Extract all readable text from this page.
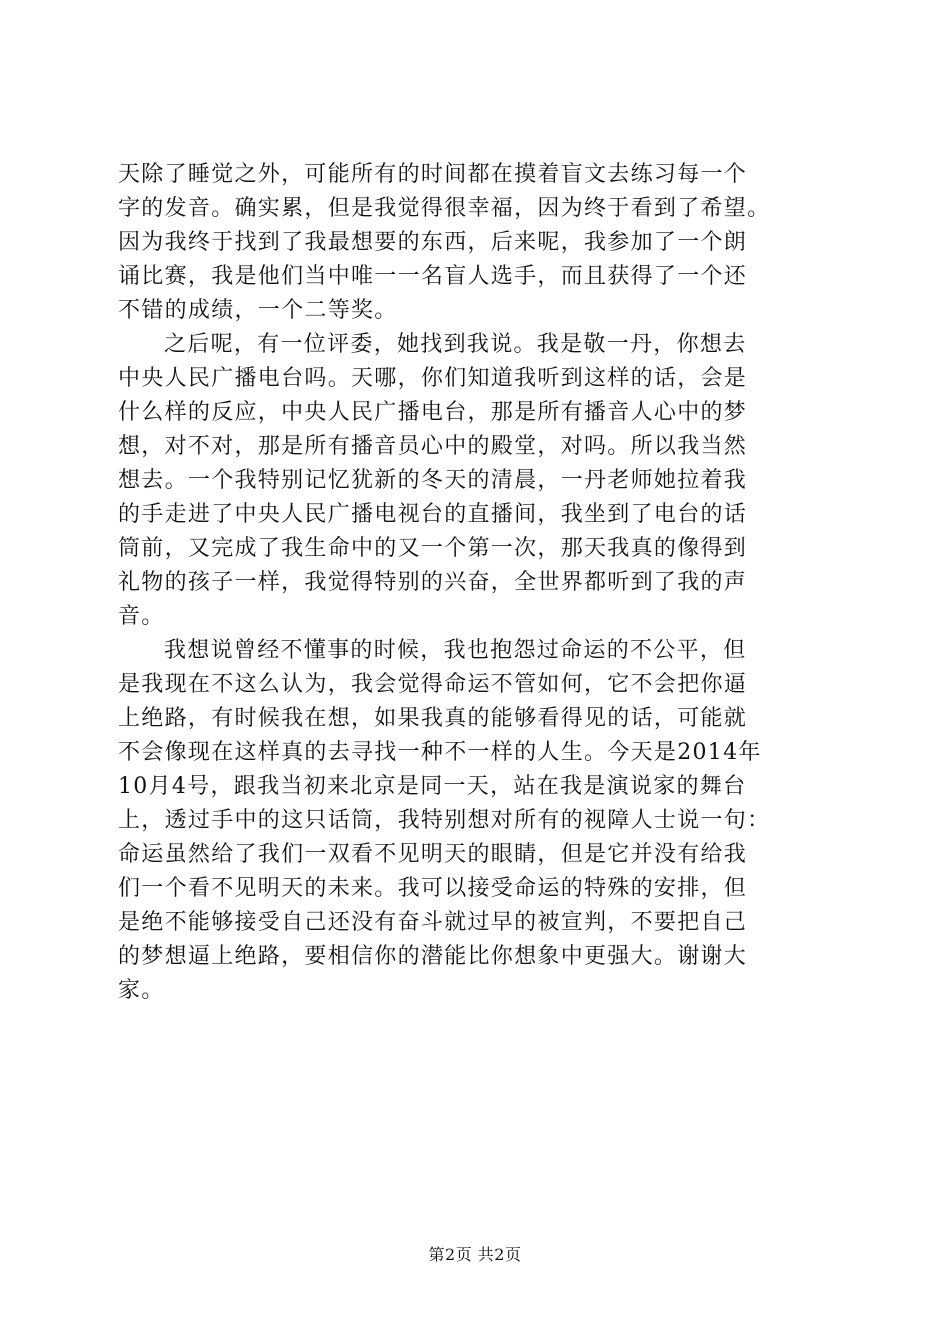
天除了睡觉之外，可能所有的时间都在摸着盲文去练习每一个
字的发音。确实累，但是我觉得很幸福，因为终于看到了希望。
因为我终于找到了我最想要的东西，后来呢，我参加了一个朗
诵比赛，我是他们当中唯一一名盲人选手，而且获得了一个还
不错的成绩，一个二等奖。
之后呢，有一位评委，她找到我说。我是敬一丹，你想去
中央人民广播电台吗。天哪，你们知道我听到这样的话，会是
什么样的反应，中央人民广播电台，那是所有播音人心中的梦
想，对不对，那是所有播音员心中的殿堂，对吗。所以我当然
想去。一个我特别记忆犹新的冬天的清晨，一丹老师她拉着我
的手走进了中央人民广播电视台的直播间，我坐到了电台的话
筒前，又完成了我生命中的又一个第一次，那天我真的像得到
礼物的孩子一样，我觉得特别的兴奋，全世界都听到了我的声
音。
我想说曾经不懂事的时候，我也抱怨过命运的不公平，但
是我现在不这么认为，我会觉得命运不管如何，它不会把你逼
上绝路，有时候我在想，如果我真的能够看得见的话，可能就
不会像现在这样真的去寻找一种不一样的人生。今天是2014年
10月4号，跟我当初来北京是同一天，站在我是演说家的舞台
上，透过手中的这只话筒，我特别想对所有的视障人士说一句：
命运虽然给了我们一双看不见明天的眼睛，但是它并没有给我
们一个看不见明天的未来。我可以接受命运的特殊的安排，但
是绝不能够接受自己还没有奋斗就过早的被宣判，不要把自己
的梦想逼上绝路，要相信你的潜能比你想象中更强大。谢谢大
家。
第2页 共2页
